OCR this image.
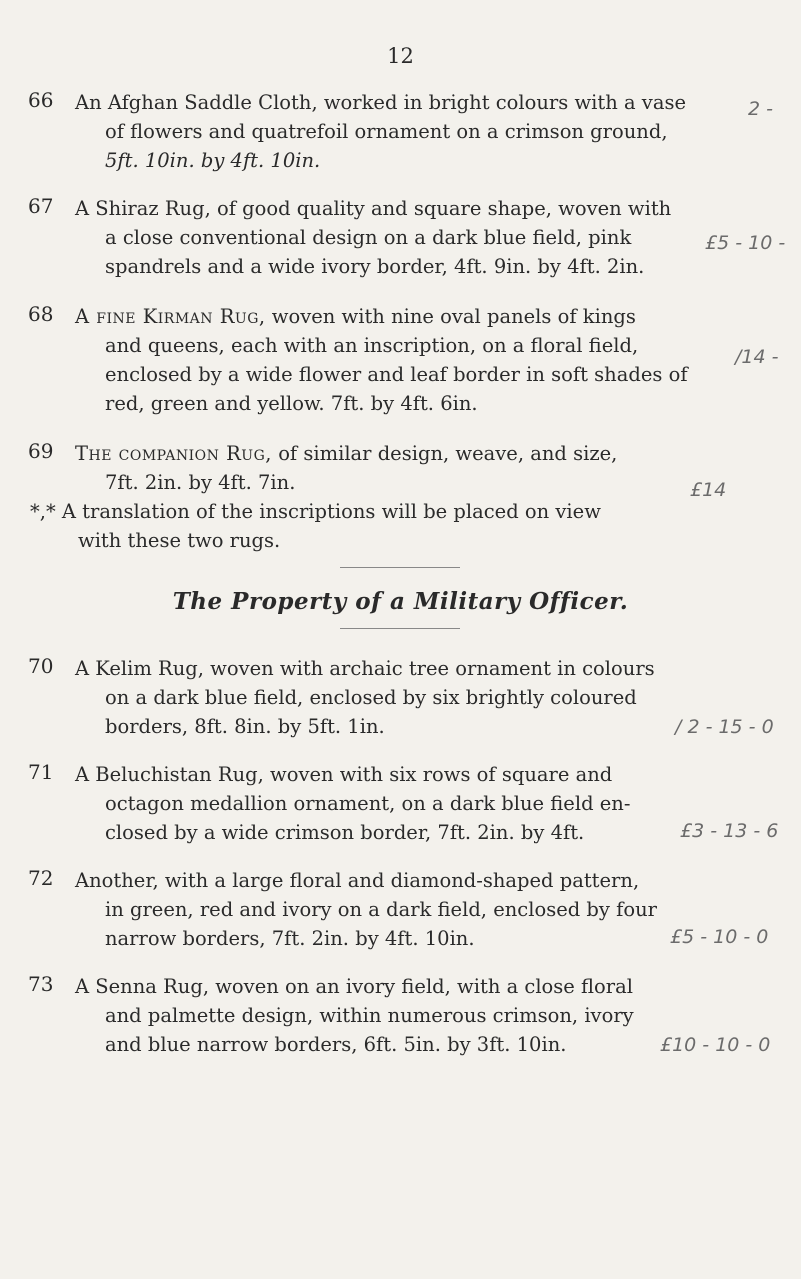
12
66 An Afghan Saddle Cloth, worked in bright colours with a vase
of flowers and quatrefoil ornament on a crimson ground,
5ft. 10in. by 4ft. 10in.
2 -
67 A Shiraz Rug, of good quality and square shape, woven with
a close conventional design on a dark blue field, pink
spandrels and a wide ivory border, 4ft. 9in. by 4ft. 2in.
£5 - 10 -
68 A fine Kirman Rug, woven with nine oval panels of kings
and queens, each with an inscription, on a floral field,
enclosed by a wide flower and leaf border in soft shades of
red, green and yellow. 7ft. by 4ft. 6in.
/14 -
69 The companion Rug, of similar design, weave, and size,
7ft. 2in. by 4ft. 7in.	£14
*,* A translation of the inscriptions will be placed on view
with these two rugs.
The Property of a Military Officer.
70 A Kelim Rug, woven with archaic tree ornament in colours
on a dark blue field, enclosed by six brightly coloured
borders, 8ft. 8in. by 5ft. 1in.	/ 2 - 15 - 0
71 A Beluchistan Rug, woven with six rows of square and
octagon medallion ornament, on a dark blue field en-
closed by a wide crimson border, 7ft. 2in. by 4ft.	£3 - 13 - 6
72 Another, with a large floral and diamond-shaped pattern,
in green, red and ivory on a dark field, enclosed by four
narrow borders, 7ft. 2in. by 4ft. 10in.	£5 - 10 - 0
73 A Senna Rug, woven on an ivory field, with a close floral
and palmette design, within numerous crimson, ivory
and blue narrow borders, 6ft. 5in. by 3ft. 10in.	£10 - 10 - 0
